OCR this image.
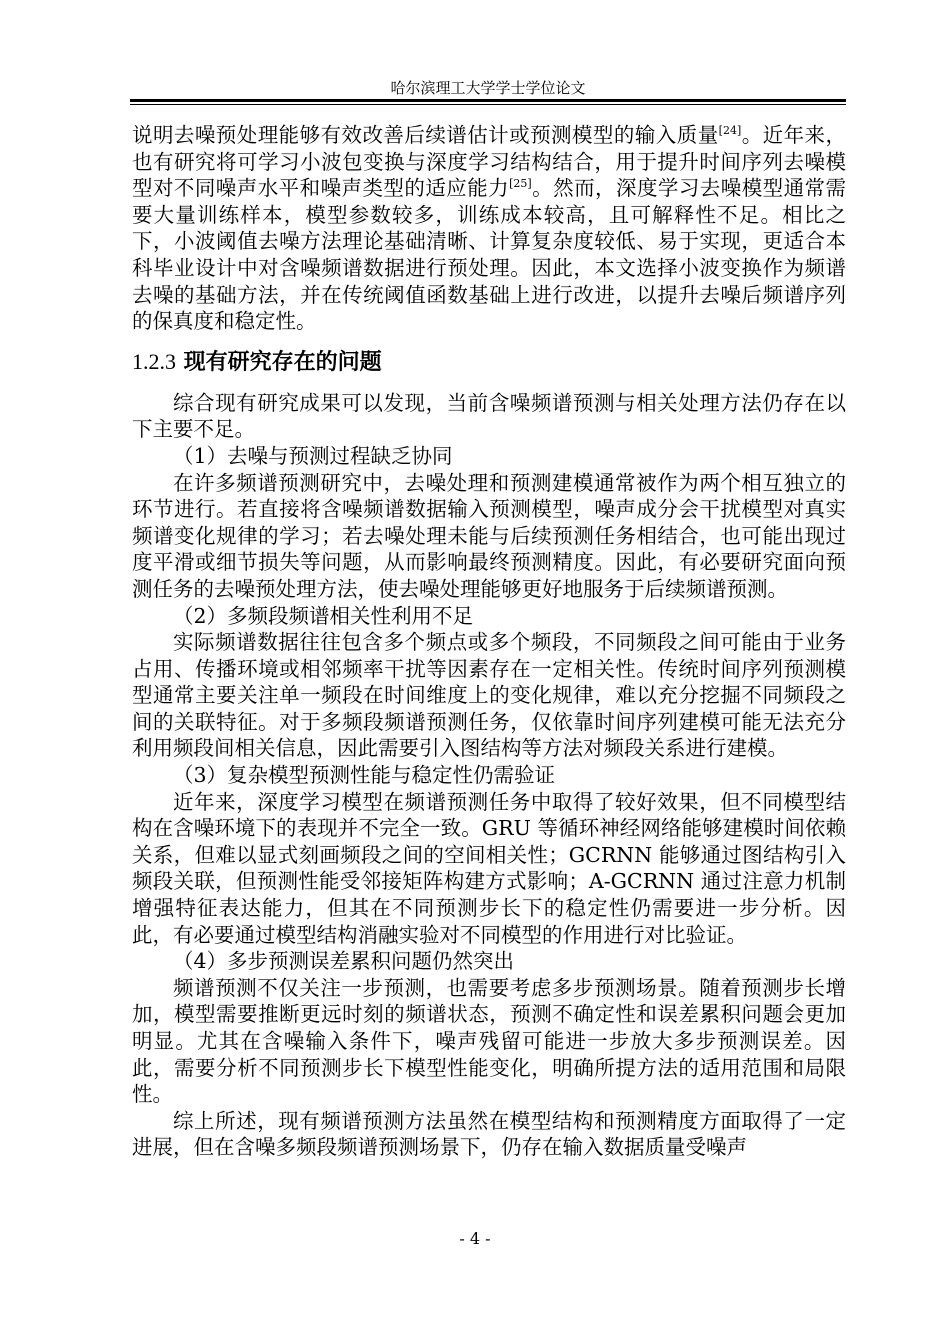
哈尔滨理工大学学士学位论文

说明去噪预处理能够有效改善后续谱估计或预测模型的输入质量[24]。近年来，也有研究将可学习小波包变换与深度学习结构结合，用于提升时间序列去噪模型对不同噪声水平和噪声类型的适应能力[25]。然而，深度学习去噪模型通常需要大量训练样本，模型参数较多，训练成本较高，且可解释性不足。相比之下，小波阈值去噪方法理论基础清晰、计算复杂度较低、易于实现，更适合本科毕业设计中对含噪频谱数据进行预处理。因此，本文选择小波变换作为频谱去噪的基础方法，并在传统阈值函数基础上进行改进，以提升去噪后频谱序列的保真度和稳定性。

1.2.3 现有研究存在的问题

综合现有研究成果可以发现，当前含噪频谱预测与相关处理方法仍存在以下主要不足。

（1）去噪与预测过程缺乏协同

在许多频谱预测研究中，去噪处理和预测建模通常被作为两个相互独立的环节进行。若直接将含噪频谱数据输入预测模型，噪声成分会干扰模型对真实频谱变化规律的学习；若去噪处理未能与后续预测任务相结合，也可能出现过度平滑或细节损失等问题，从而影响最终预测精度。因此，有必要研究面向预测任务的去噪预处理方法，使去噪处理能够更好地服务于后续频谱预测。

（2）多频段频谱相关性利用不足

实际频谱数据往往包含多个频点或多个频段，不同频段之间可能由于业务占用、传播环境或相邻频率干扰等因素存在一定相关性。传统时间序列预测模型通常主要关注单一频段在时间维度上的变化规律，难以充分挖掘不同频段之间的关联特征。对于多频段频谱预测任务，仅依靠时间序列建模可能无法充分利用频段间相关信息，因此需要引入图结构等方法对频段关系进行建模。

（3）复杂模型预测性能与稳定性仍需验证

近年来，深度学习模型在频谱预测任务中取得了较好效果，但不同模型结构在含噪环境下的表现并不完全一致。GRU 等循环神经网络能够建模时间依赖关系，但难以显式刻画频段之间的空间相关性；GCRNN 能够通过图结构引入频段关联，但预测性能受邻接矩阵构建方式影响；A-GCRNN 通过注意力机制增强特征表达能力，但其在不同预测步长下的稳定性仍需要进一步分析。因此，有必要通过模型结构消融实验对不同模型的作用进行对比验证。

（4）多步预测误差累积问题仍然突出

频谱预测不仅关注一步预测，也需要考虑多步预测场景。随着预测步长增加，模型需要推断更远时刻的频谱状态，预测不确定性和误差累积问题会更加明显。尤其在含噪输入条件下，噪声残留可能进一步放大多步预测误差。因此，需要分析不同预测步长下模型性能变化，明确所提方法的适用范围和局限性。

综上所述，现有频谱预测方法虽然在模型结构和预测精度方面取得了一定进展，但在含噪多频段频谱预测场景下，仍存在输入数据质量受噪声

- 4 -
